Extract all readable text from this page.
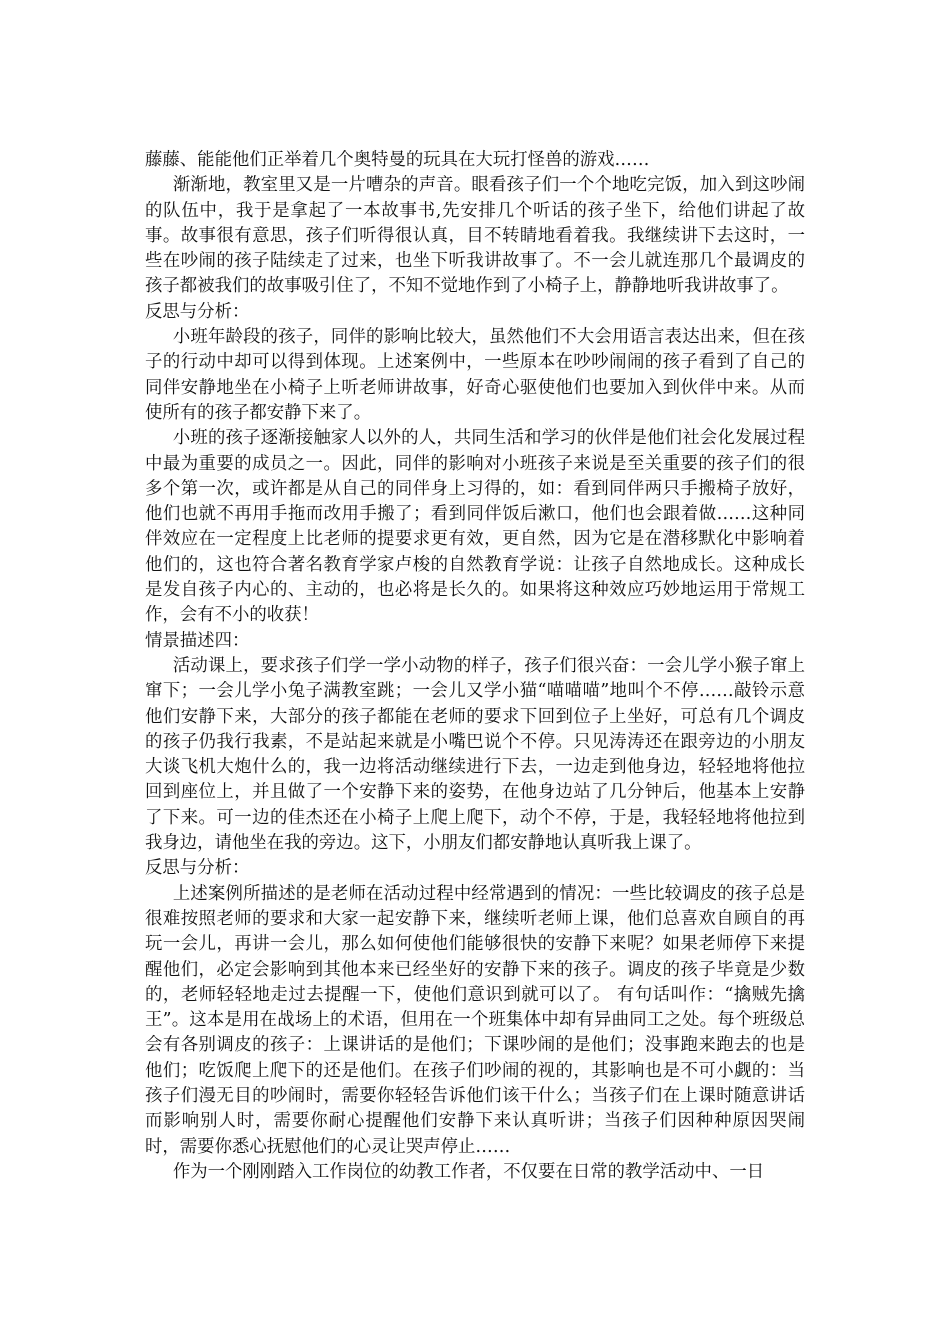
藤藤、能能他们正举着几个奥特曼的玩具在大玩打怪兽的游戏……

渐渐地，教室里又是一片嘈杂的声音。眼看孩子们一个个地吃完饭，加入到这吵闹的队伍中，我于是拿起了一本故事书,先安排几个听话的孩子坐下，给他们讲起了故事。故事很有意思，孩子们听得很认真，目不转睛地看着我。我继续讲下去这时，一些在吵闹的孩子陆续走了过来，也坐下听我讲故事了。不一会儿就连那几个最调皮的孩子都被我们的故事吸引住了，不知不觉地作到了小椅子上，静静地听我讲故事了。

反思与分析：

小班年龄段的孩子，同伴的影响比较大，虽然他们不大会用语言表达出来，但在孩子的行动中却可以得到体现。上述案例中，一些原本在吵吵闹闹的孩子看到了自己的同伴安静地坐在小椅子上听老师讲故事，好奇心驱使他们也要加入到伙伴中来。从而使所有的孩子都安静下来了。

小班的孩子逐渐接触家人以外的人，共同生活和学习的伙伴是他们社会化发展过程中最为重要的成员之一。因此，同伴的影响对小班孩子来说是至关重要的孩子们的很多个第一次，或许都是从自己的同伴身上习得的，如：看到同伴两只手搬椅子放好，他们也就不再用手拖而改用手搬了；看到同伴饭后漱口，他们也会跟着做……这种同伴效应在一定程度上比老师的提要求更有效，更自然，因为它是在潜移默化中影响着他们的，这也符合著名教育学家卢梭的自然教育学说：让孩子自然地成长。这种成长是发自孩子内心的、主动的，也必将是长久的。如果将这种效应巧妙地运用于常规工作，会有不小的收获！

情景描述四：

活动课上，要求孩子们学一学小动物的样子，孩子们很兴奋：一会儿学小猴子窜上窜下；一会儿学小兔子满教室跳；一会儿又学小猫“喵喵喵”地叫个不停……敲铃示意他们安静下来，大部分的孩子都能在老师的要求下回到位子上坐好，可总有几个调皮的孩子仍我行我素，不是站起来就是小嘴巴说个不停。只见涛涛还在跟旁边的小朋友大谈飞机大炮什么的，我一边将活动继续进行下去，一边走到他身边，轻轻地将他拉回到座位上，并且做了一个安静下来的姿势，在他身边站了几分钟后，他基本上安静了下来。可一边的佳杰还在小椅子上爬上爬下，动个不停，于是，我轻轻地将他拉到我身边，请他坐在我的旁边。这下，小朋友们都安静地认真听我上课了。

反思与分析：

上述案例所描述的是老师在活动过程中经常遇到的情况：一些比较调皮的孩子总是很难按照老师的要求和大家一起安静下来，继续听老师上课，他们总喜欢自顾自的再玩一会儿，再讲一会儿，那么如何使他们能够很快的安静下来呢？如果老师停下来提醒他们，必定会影响到其他本来已经坐好的安静下来的孩子。调皮的孩子毕竟是少数的，老师轻轻地走过去提醒一下，使他们意识到就可以了。 有句话叫作：“擒贼先擒王”。这本是用在战场上的术语，但用在一个班集体中却有异曲同工之处。每个班级总会有各别调皮的孩子：上课讲话的是他们；下课吵闹的是他们；没事跑来跑去的也是他们；吃饭爬上爬下的还是他们。在孩子们吵闹的视的，其影响也是不可小觑的：当孩子们漫无目的吵闹时，需要你轻轻告诉他们该干什么；当孩子们在上课时随意讲话而影响别人时，需要你耐心提醒他们安静下来认真听讲；当孩子们因种种原因哭闹时，需要你悉心抚慰他们的心灵让哭声停止……

作为一个刚刚踏入工作岗位的幼教工作者，不仅要在日常的教学活动中、一日
